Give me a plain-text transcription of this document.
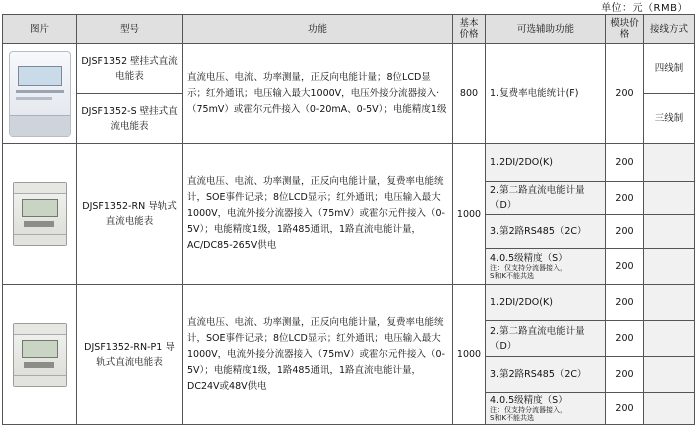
单位：元（RMB）
图片	型号	功能	基本价格	可选辅助功能	模块价格	接线方式

	DJSF1352 壁挂式直流电能表	直流电压、电流、功率测量，正反向电能计量；8位LCD显示；红外通讯；电压输入最大1000V，电压外接分流器接入·（75mV）或霍尔元件接入（0-20mA、0-5V）；电能精度1级	800	1.复费率电能统计(F)	200	四线制
	DJSF1352-S 壁挂式直流电能表					三线制

	DJSF1352-RN 导轨式直流电能表	直流电压、电流、功率测量，正反向电能计量，复费率电能统计，SOE事件记录；8位LCD显示；红外通讯；电压输入最大1000V，电流外接分流器接入（75mV）或霍尔元件接入（0-5V）；电能精度1级，1路485通讯，1路直流电能计量，AC/DC85-265V供电	1000	1.2DI/2DO(K)	200	
				2.第二路直流电能计量（D）	200	
				3.第2路RS485（2C）	200	
				4.0.5级精度（S）
注：仅支持分流器接入，
S和K不能共选	200	

	DJSF1352-RN-P1 导轨式直流电能表	直流电压、电流、功率测量，正反向电能计量，复费率电能统计，SOE事件记录；8位LCD显示；红外通讯；电压输入最大1000V，电流外接分流器接入（75mV）或霍尔元件接入（0-5V）；电能精度1级，1路485通讯，1路直流电能计量，DC24V或48V供电	1000	1.2DI/2DO(K)	200	
				2.第二路直流电能计量（D）	200	
				3.第2路RS485（2C）	200	
				4.0.5级精度（S）
注：仅支持分流器接入，
S和K不能共选	200	
